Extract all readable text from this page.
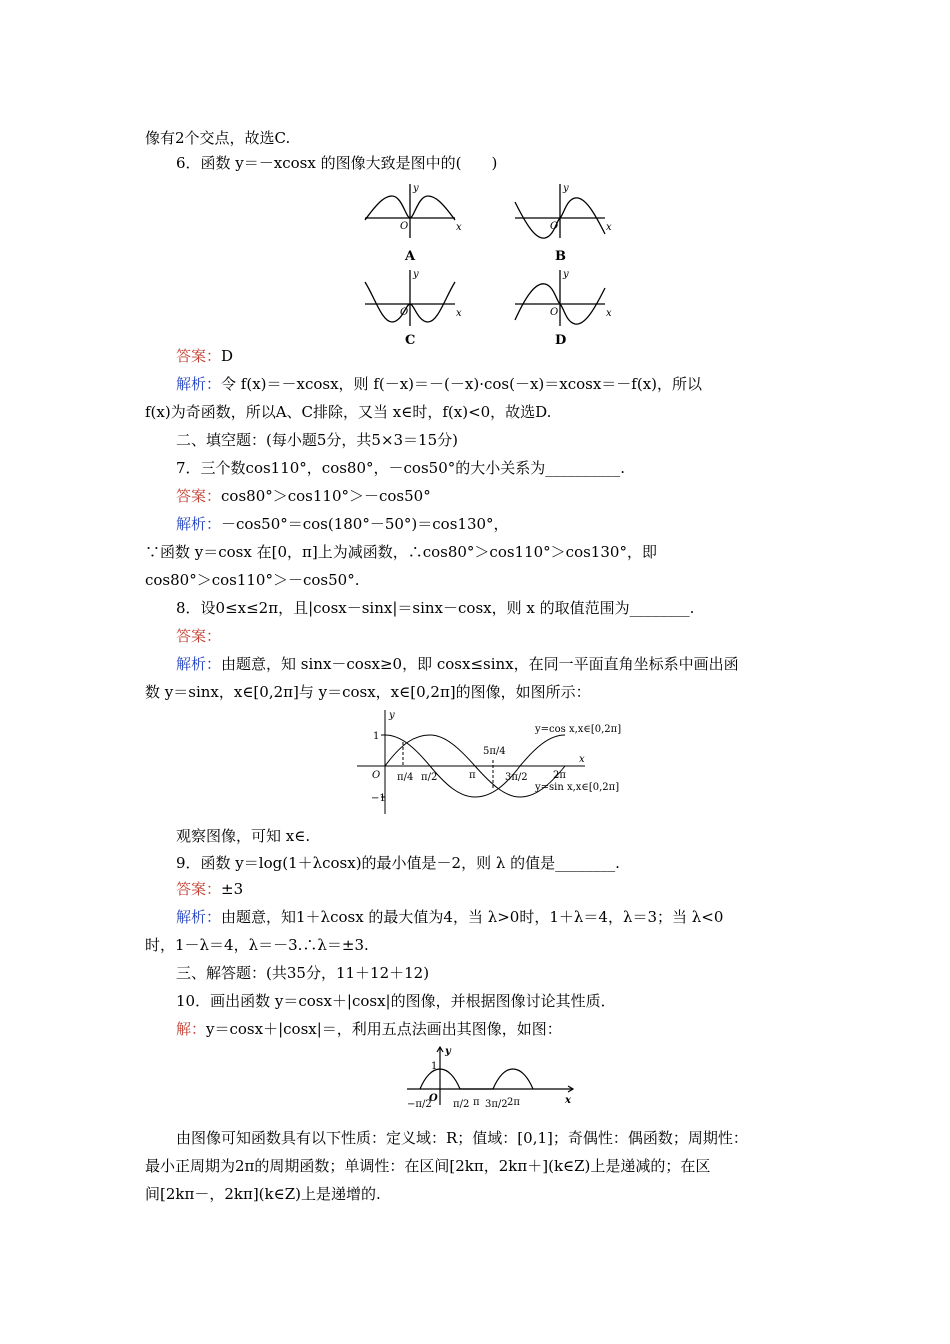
像有2个交点，故选C.
6．函数 y＝－xcosx 的图像大致是图中的(　　)
y
x
O
y
x
O
y
x
O
y
x
O
A	B
C	D
答案：D
解析：令 f(x)＝－xcosx，则 f(－x)＝－(－x)·cos(－x)＝xcosx＝－f(x)，所以
f(x)为奇函数，所以A、C排除，又当 x∈时，f(x)<0，故选D.
二、填空题：(每小题5分，共5×3＝15分)
7．三个数cos110°，cos80°，－cos50°的大小关系为__________.
答案：cos80°＞cos110°＞－cos50°
解析：－cos50°＝cos(180°－50°)＝cos130°，
∵函数 y＝cosx 在[0，π]上为减函数，∴cos80°＞cos110°＞cos130°，即
cos80°＞cos110°＞－cos50°.
8．设0≤x≤2π，且|cosx－sinx|＝sinx－cosx，则 x 的取值范围为________.
答案：
解析：由题意，知 sinx－cosx≥0，即 cosx≤sinx，在同一平面直角坐标系中画出函
数 y＝sinx，x∈[0,2π]与 y＝cosx，x∈[0,2π]的图像，如图所示：
y
x
O
1
−1
π/4 π/2	π
5π/4
3π/2	2π
y=cos x,x∈[0,2π]
y=sin x,x∈[0,2π]
观察图像，可知 x∈.
9．函数 y＝log(1＋λcosx)的最小值是－2，则 λ 的值是________.
答案：±3
解析：由题意，知1＋λcosx 的最大值为4，当 λ>0时，1＋λ＝4，λ＝3；当 λ<0
时，1－λ＝4，λ＝－3.∴λ＝±3.
三、解答题：(共35分，11＋12＋12)
10．画出函数 y＝cosx＋|cosx|的图像，并根据图像讨论其性质．
解：y＝cosx＋|cosx|＝，利用五点法画出其图像，如图：
y
x
O
1
−π/2 π/2 π 3π/2 2π
由图像可知函数具有以下性质：定义域：R；值域：[0,1]；奇偶性：偶函数；周期性：
最小正周期为2π的周期函数；单调性：在区间[2kπ，2kπ＋](k∈Z)上是递减的；在区
间[2kπ－，2kπ](k∈Z)上是递增的.
